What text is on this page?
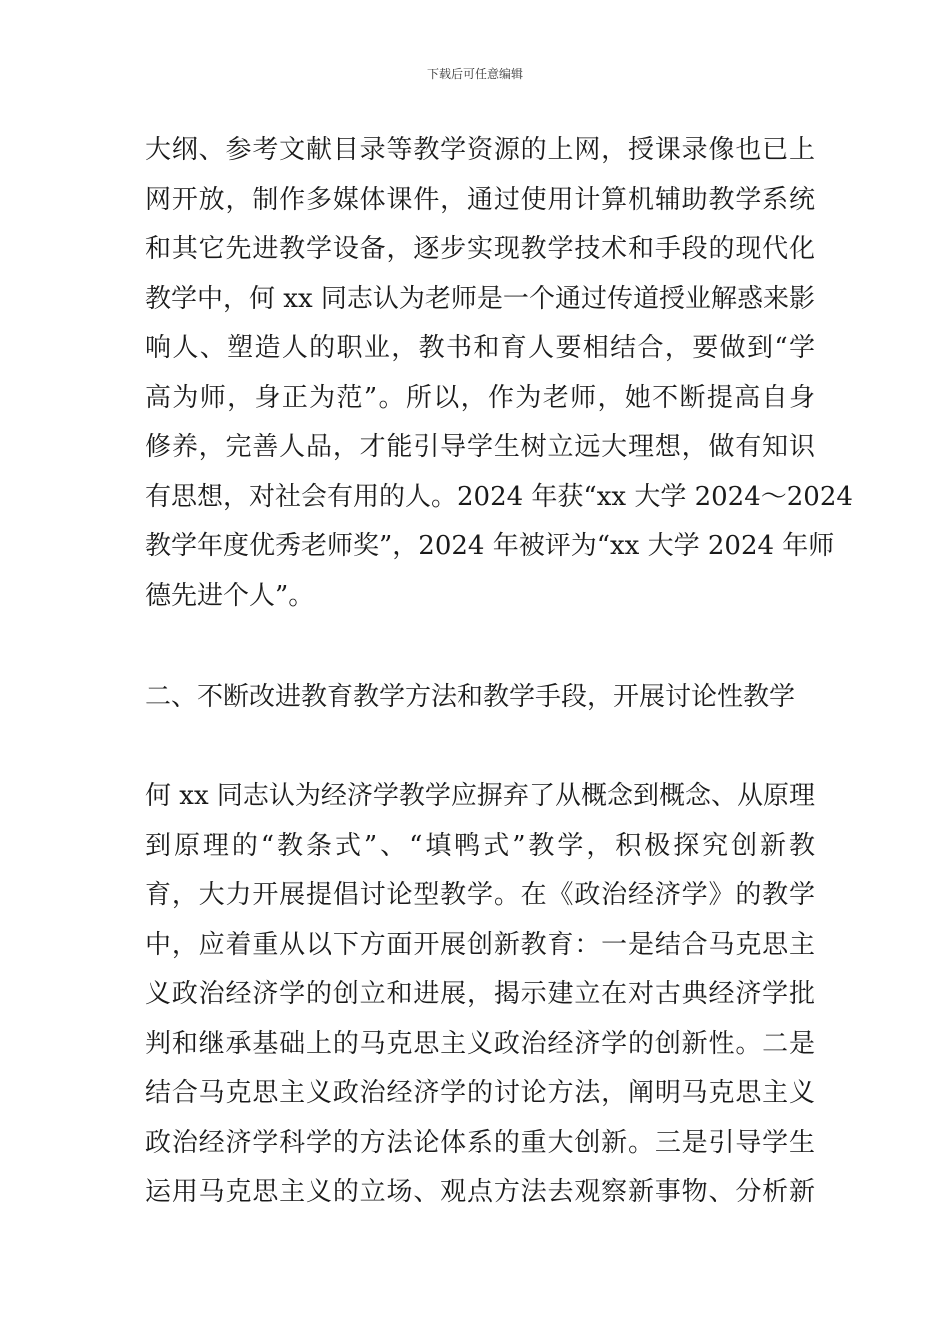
下载后可任意编辑
大纲、参考文献目录等教学资源的上网，授课录像也已上
网开放，制作多媒体课件，通过使用计算机辅助教学系统
和其它先进教学设备，逐步实现教学技术和手段的现代化
教学中，何 xx 同志认为老师是一个通过传道授业解惑来影
响人、塑造人的职业，教书和育人要相结合，要做到“学
高为师，身正为范”。所以，作为老师，她不断提高自身
修养，完善人品，才能引导学生树立远大理想，做有知识
有思想，对社会有用的人。2024 年获“xx 大学 2024～2024
教学年度优秀老师奖”，2024 年被评为“xx 大学 2024 年师
德先进个人”。
二、不断改进教育教学方法和教学手段，开展讨论性教学
何 xx 同志认为经济学教学应摒弃了从概念到概念、从原理
到原理的“教条式”、“填鸭式”教学，积极探究创新教
育，大力开展提倡讨论型教学。在《政治经济学》的教学
中，应着重从以下方面开展创新教育：一是结合马克思主
义政治经济学的创立和进展，揭示建立在对古典经济学批
判和继承基础上的马克思主义政治经济学的创新性。二是
结合马克思主义政治经济学的讨论方法，阐明马克思主义
政治经济学科学的方法论体系的重大创新。三是引导学生
运用马克思主义的立场、观点方法去观察新事物、分析新
